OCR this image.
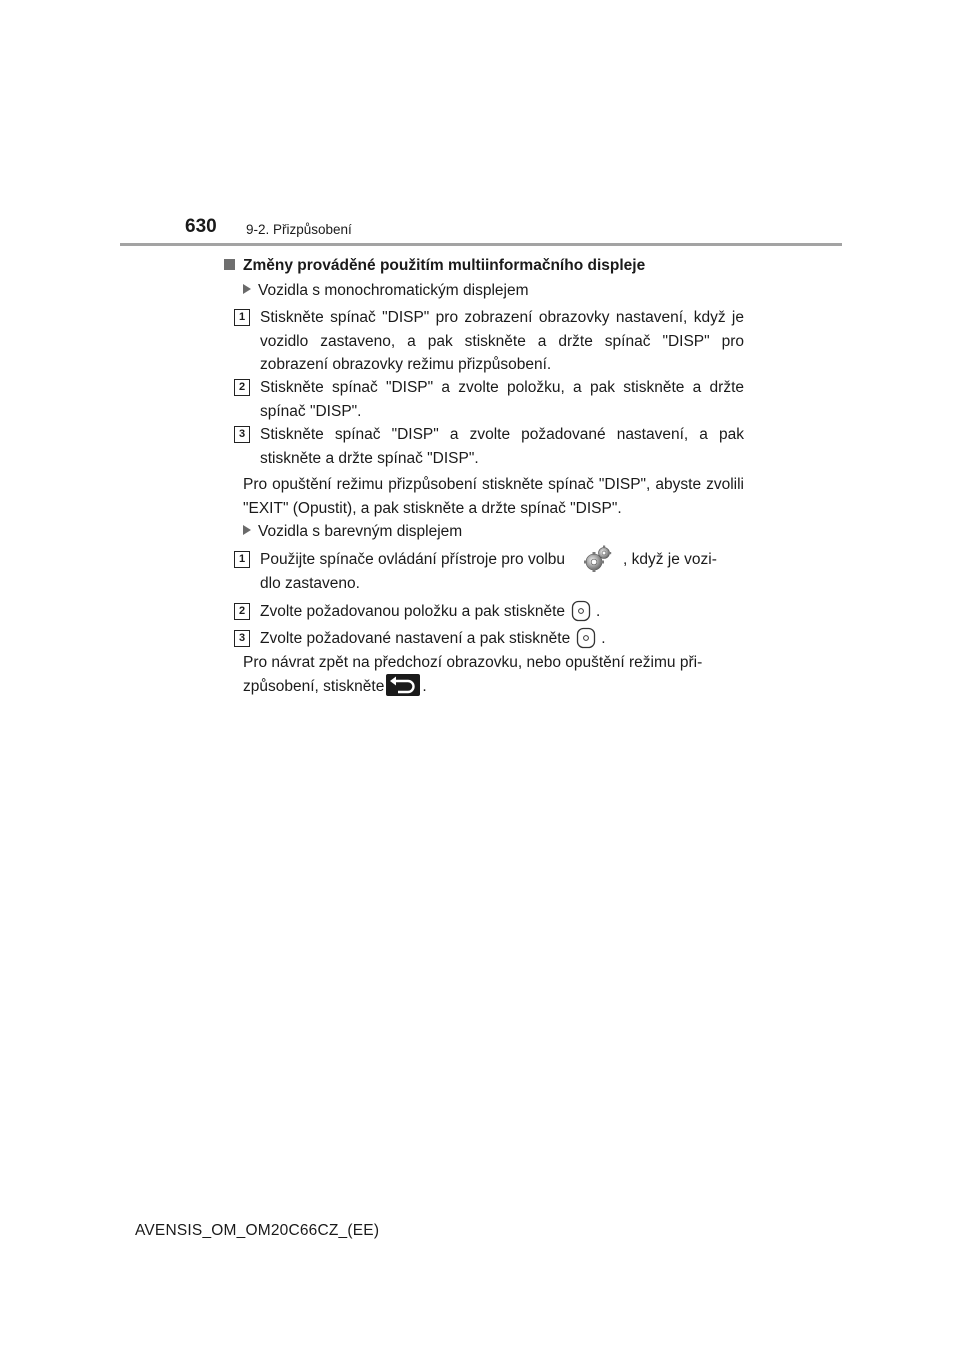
630 9-2. Přizpůsobení
Změny prováděné použitím multiinformačního displeje
Vozidla s monochromatickým displejem
1 Stiskněte spínač "DISP" pro zobrazení obrazovky nastavení, když je vozidlo zastaveno, a pak stiskněte a držte spínač "DISP" pro zobrazení obrazovky režimu přizpůsobení.
2 Stiskněte spínač "DISP" a zvolte položku, a pak stiskněte a držte spínač "DISP".
3 Stiskněte spínač "DISP" a zvolte požadované nastavení, a pak stiskněte a držte spínač "DISP".
Pro opuštění režimu přizpůsobení stiskněte spínač "DISP", abyste zvolili "EXIT" (Opustit), a pak stiskněte a držte spínač "DISP".
Vozidla s barevným displejem
1 Použijte spínače ovládání přístroje pro volbu	, když je vozi-
dlo zastaveno.
2 Zvolte požadovanou položku a pak stiskněte .
3 Zvolte požadované nastavení a pak stiskněte .
Pro návrat zpět na předchozí obrazovku, nebo opuštění režimu při-
způsobení, stiskněte .
AVENSIS_OM_OM20C66CZ_(EE)
